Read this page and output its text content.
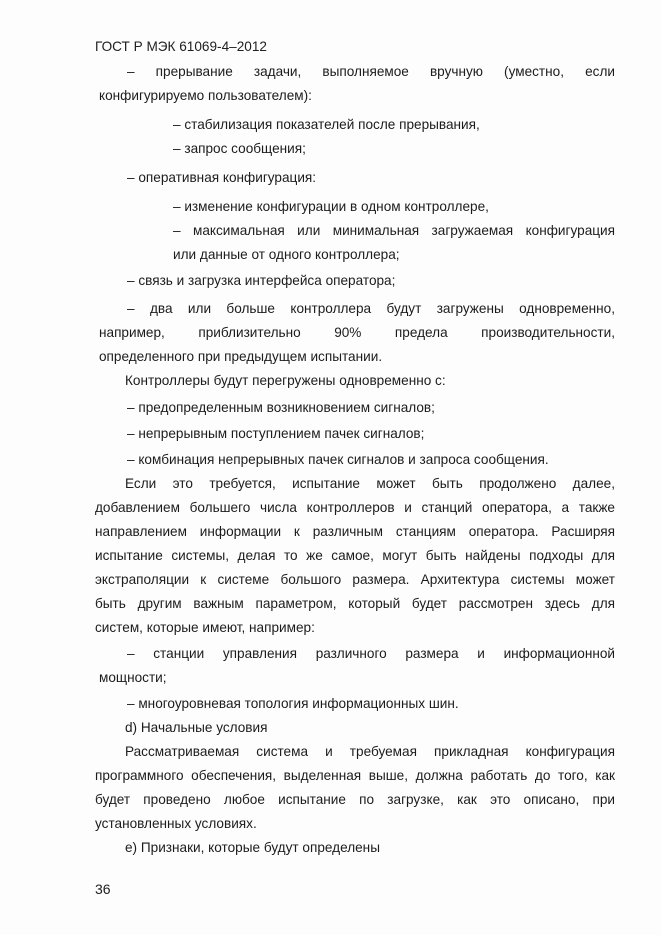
ГОСТ Р МЭК 61069-4–2012
– прерывание задачи, выполняемое вручную (уместно, если
конфигурируемо пользователем):
– стабилизация показателей после прерывания,
– запрос сообщения;
– оперативная конфигурация:
– изменение конфигурации в одном контроллере,
– максимальная или минимальная загружаемая конфигурация
или данные от одного контроллера;
– связь и загрузка интерфейса оператора;
– два или больше контроллера будут загружены одновременно,
например, приблизительно 90% предела производительности,
определенного при предыдущем испытании.
Контроллеры будут перегружены одновременно с:
– предопределенным возникновением сигналов;
– непрерывным поступлением пачек сигналов;
– комбинация непрерывных пачек сигналов и запроса сообщения.
Если это требуется, испытание может быть продолжено далее,
добавлением большего числа контроллеров и станций оператора, а также
направлением информации к различным станциям оператора. Расширяя
испытание системы, делая то же самое, могут быть найдены подходы для
экстраполяции к системе большого размера. Архитектура системы может
быть другим важным параметром, который будет рассмотрен здесь для
систем, которые имеют, например:
– станции управления различного размера и информационной
мощности;
– многоуровневая топология информационных шин.
d) Начальные условия
Рассматриваемая система и требуемая прикладная конфигурация
программного обеспечения, выделенная выше, должна работать до того, как
будет проведено любое испытание по загрузке, как это описано, при
установленных условиях.
e) Признаки, которые будут определены
36
